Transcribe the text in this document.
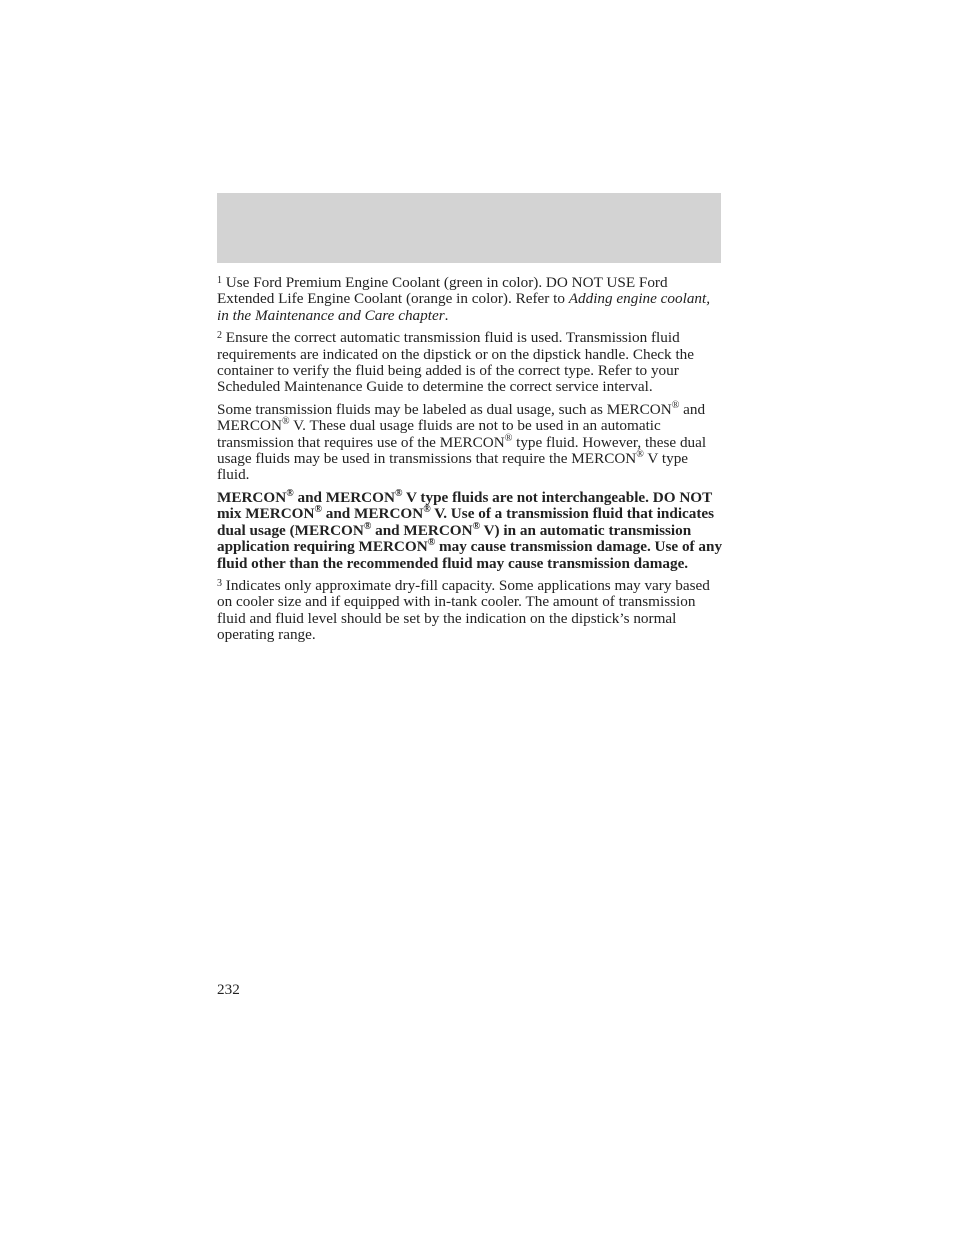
$^1$ Use Ford Premium Engine Coolant (green in color). DO NOT USE Ford Extended Life Engine Coolant (orange in color). Refer to Adding engine coolant, in the Maintenance and Care chapter.

$^2$ Ensure the correct automatic transmission fluid is used. Transmission fluid requirements are indicated on the dipstick or on the dipstick handle. Check the container to verify the fluid being added is of the correct type. Refer to your Scheduled Maintenance Guide to determine the correct service interval.

Some transmission fluids may be labeled as dual usage, such as MERCON® and MERCON® V. These dual usage fluids are not to be used in an automatic transmission that requires use of the MERCON® type fluid. However, these dual usage fluids may be used in transmissions that require the MERCON® V type fluid.

MERCON® and MERCON® V type fluids are not interchangeable. DO NOT mix MERCON® and MERCON® V. Use of a transmission fluid that indicates dual usage (MERCON® and MERCON® V) in an automatic transmission application requiring MERCON® may cause transmission damage. Use of any fluid other than the recommended fluid may cause transmission damage.

$^3$ Indicates only approximate dry-fill capacity. Some applications may vary based on cooler size and if equipped with in-tank cooler. The amount of transmission fluid and fluid level should be set by the indication on the dipstick’s normal operating range.

232
